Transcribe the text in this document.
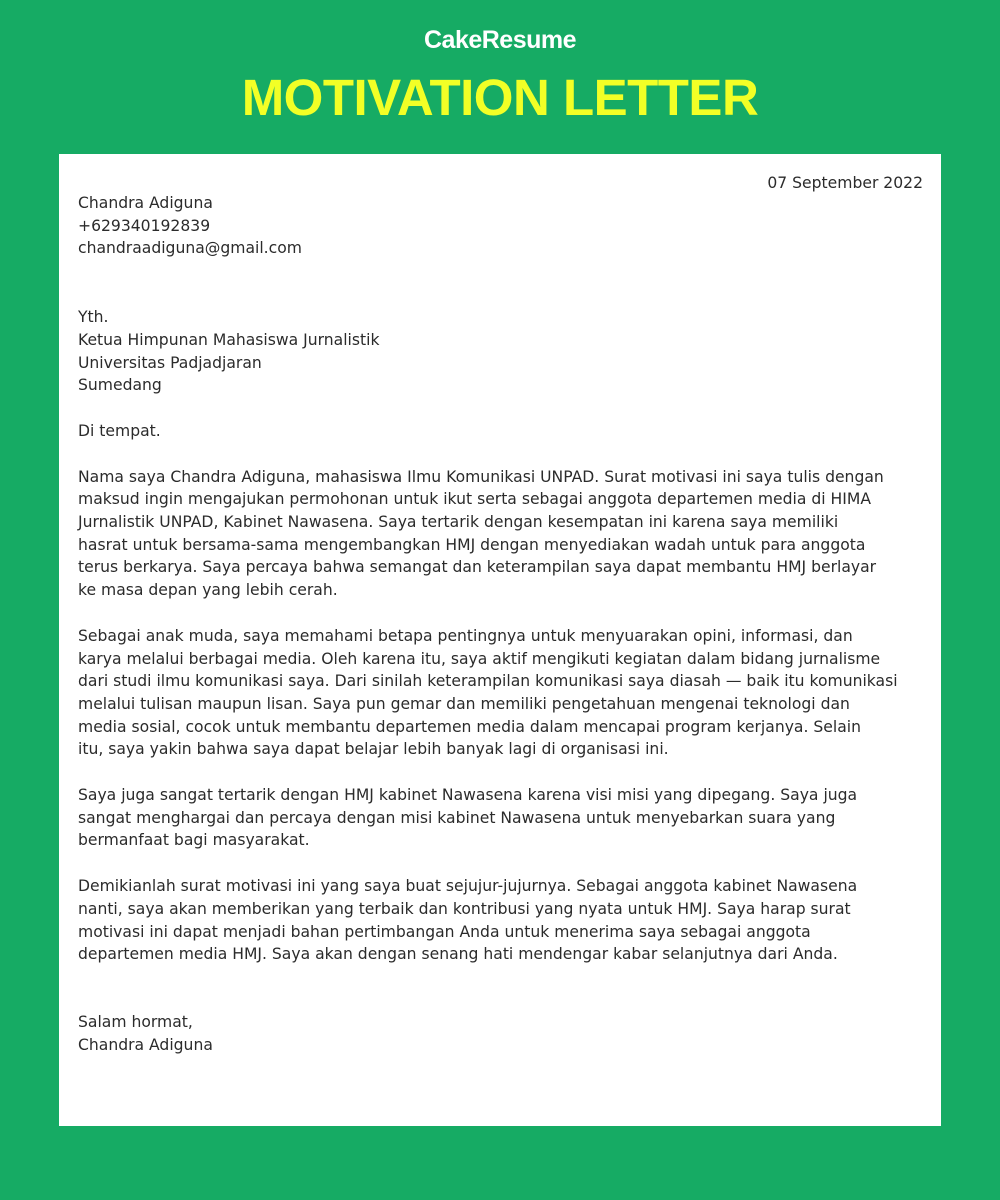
CakeResume
MOTIVATION LETTER
07 September 2022
Chandra Adiguna
+629340192839
chandraadiguna@gmail.com
Yth.
Ketua Himpunan Mahasiswa Jurnalistik
Universitas Padjadjaran
Sumedang
Di tempat.
Nama saya Chandra Adiguna, mahasiswa Ilmu Komunikasi UNPAD. Surat motivasi ini saya tulis dengan
maksud ingin mengajukan permohonan untuk ikut serta sebagai anggota departemen media di HIMA
Jurnalistik UNPAD, Kabinet Nawasena. Saya tertarik dengan kesempatan ini karena saya memiliki
hasrat untuk bersama-sama mengembangkan HMJ dengan menyediakan wadah untuk para anggota
terus berkarya. Saya percaya bahwa semangat dan keterampilan saya dapat membantu HMJ berlayar
ke masa depan yang lebih cerah.
Sebagai anak muda, saya memahami betapa pentingnya untuk menyuarakan opini, informasi, dan
karya melalui berbagai media. Oleh karena itu, saya aktif mengikuti kegiatan dalam bidang jurnalisme
dari studi ilmu komunikasi saya. Dari sinilah keterampilan komunikasi saya diasah — baik itu komunikasi
melalui tulisan maupun lisan. Saya pun gemar dan memiliki pengetahuan mengenai teknologi dan
media sosial, cocok untuk membantu departemen media dalam mencapai program kerjanya. Selain
itu, saya yakin bahwa saya dapat belajar lebih banyak lagi di organisasi ini.
Saya juga sangat tertarik dengan HMJ kabinet Nawasena karena visi misi yang dipegang. Saya juga
sangat menghargai dan percaya dengan misi kabinet Nawasena untuk menyebarkan suara yang
bermanfaat bagi masyarakat.
Demikianlah surat motivasi ini yang saya buat sejujur-jujurnya. Sebagai anggota kabinet Nawasena
nanti, saya akan memberikan yang terbaik dan kontribusi yang nyata untuk HMJ. Saya harap surat
motivasi ini dapat menjadi bahan pertimbangan Anda untuk menerima saya sebagai anggota
departemen media HMJ. Saya akan dengan senang hati mendengar kabar selanjutnya dari Anda.
Salam hormat,
Chandra Adiguna
